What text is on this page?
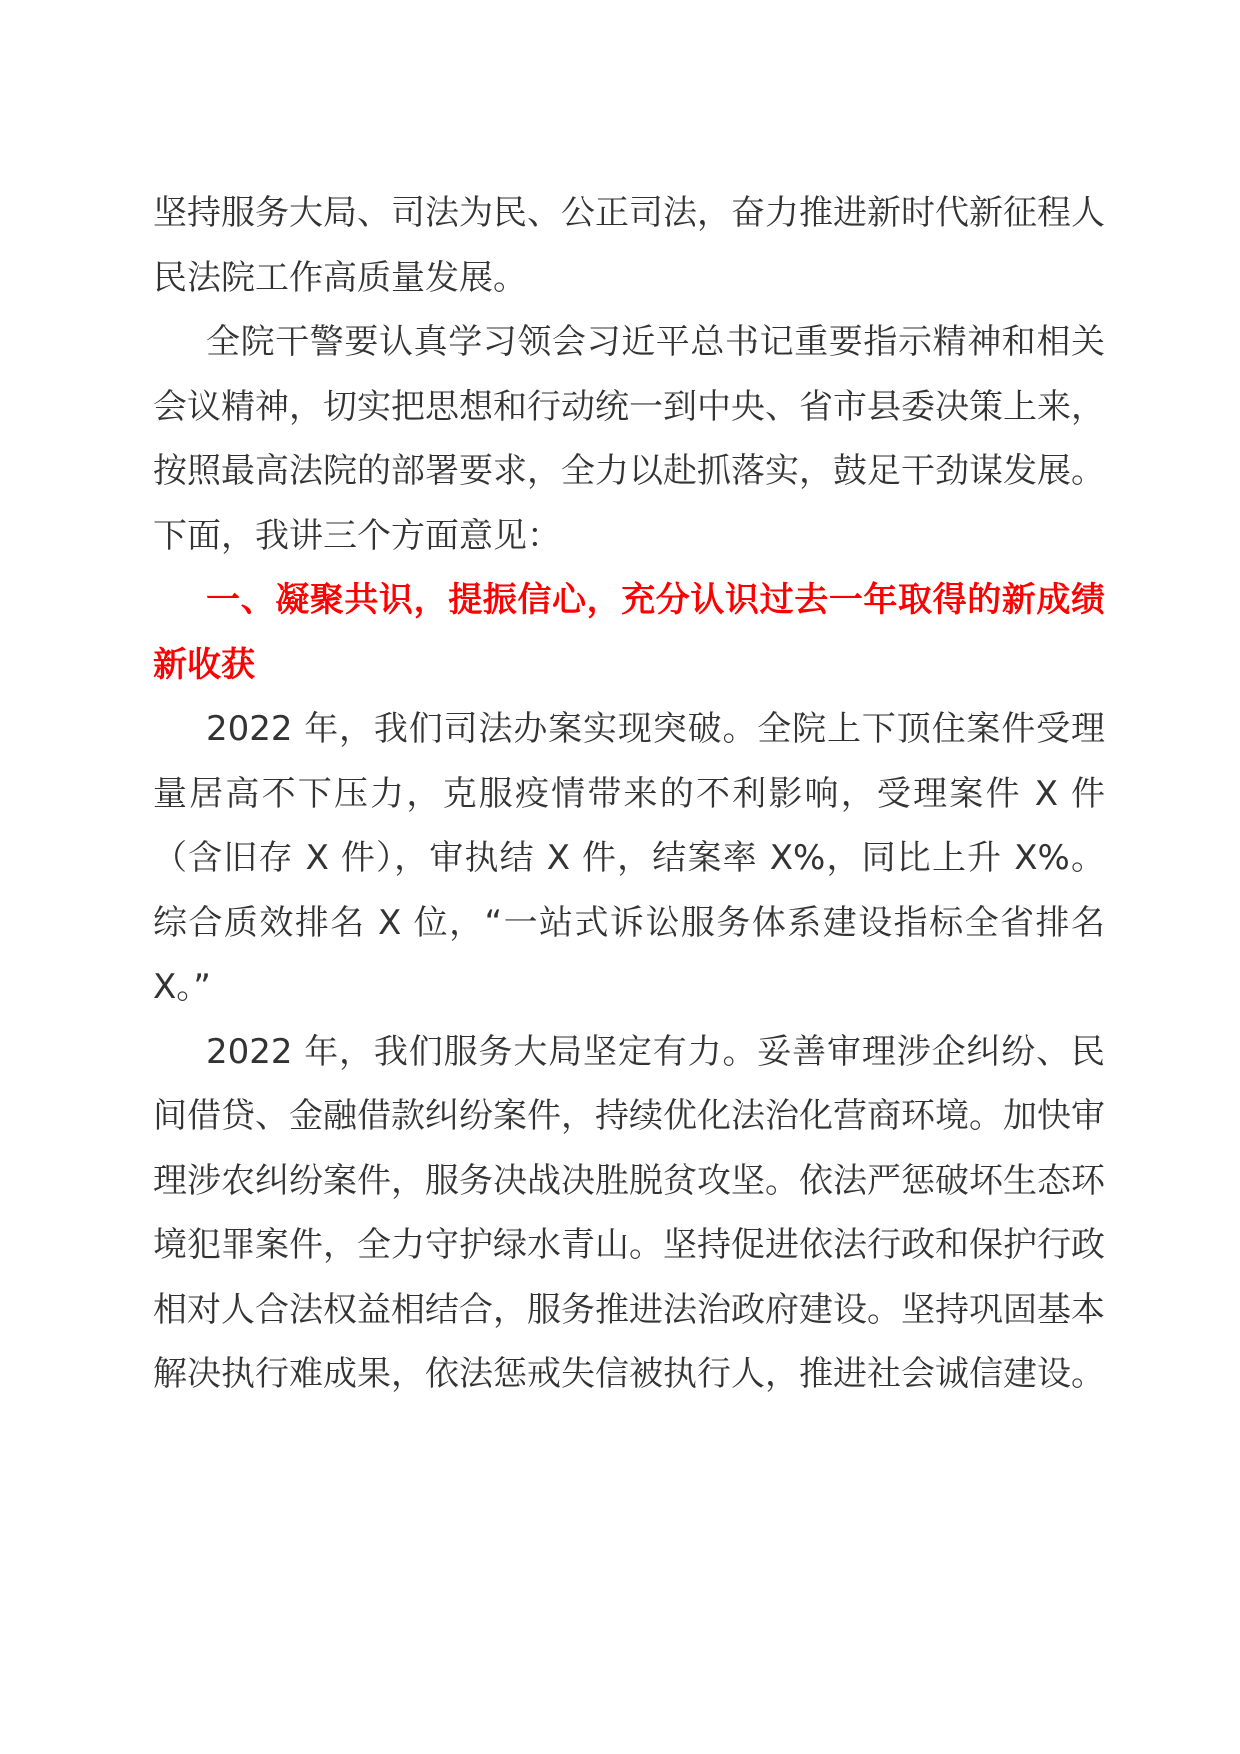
坚持服务大局、司法为民、公正司法，奋力推进新时代新征程人民法院工作高质量发展。

全院干警要认真学习领会习近平总书记重要指示精神和相关会议精神，切实把思想和行动统一到中央、省市县委决策上来，按照最高法院的部署要求，全力以赴抓落实，鼓足干劲谋发展。下面，我讲三个方面意见：

一、凝聚共识，提振信心，充分认识过去一年取得的新成绩新收获

2022 年，我们司法办案实现突破。全院上下顶住案件受理量居高不下压力，克服疫情带来的不利影响，受理案件 X 件（含旧存 X 件），审执结 X 件，结案率 X%，同比上升 X%。综合质效排名 X 位，“一站式诉讼服务体系建设指标全省排名 X。”

2022 年，我们服务大局坚定有力。妥善审理涉企纠纷、民间借贷、金融借款纠纷案件，持续优化法治化营商环境。加快审理涉农纠纷案件，服务决战决胜脱贫攻坚。依法严惩破坏生态环境犯罪案件，全力守护绿水青山。坚持促进依法行政和保护行政相对人合法权益相结合，服务推进法治政府建设。坚持巩固基本解决执行难成果，依法惩戒失信被执行人，推进社会诚信建设。
